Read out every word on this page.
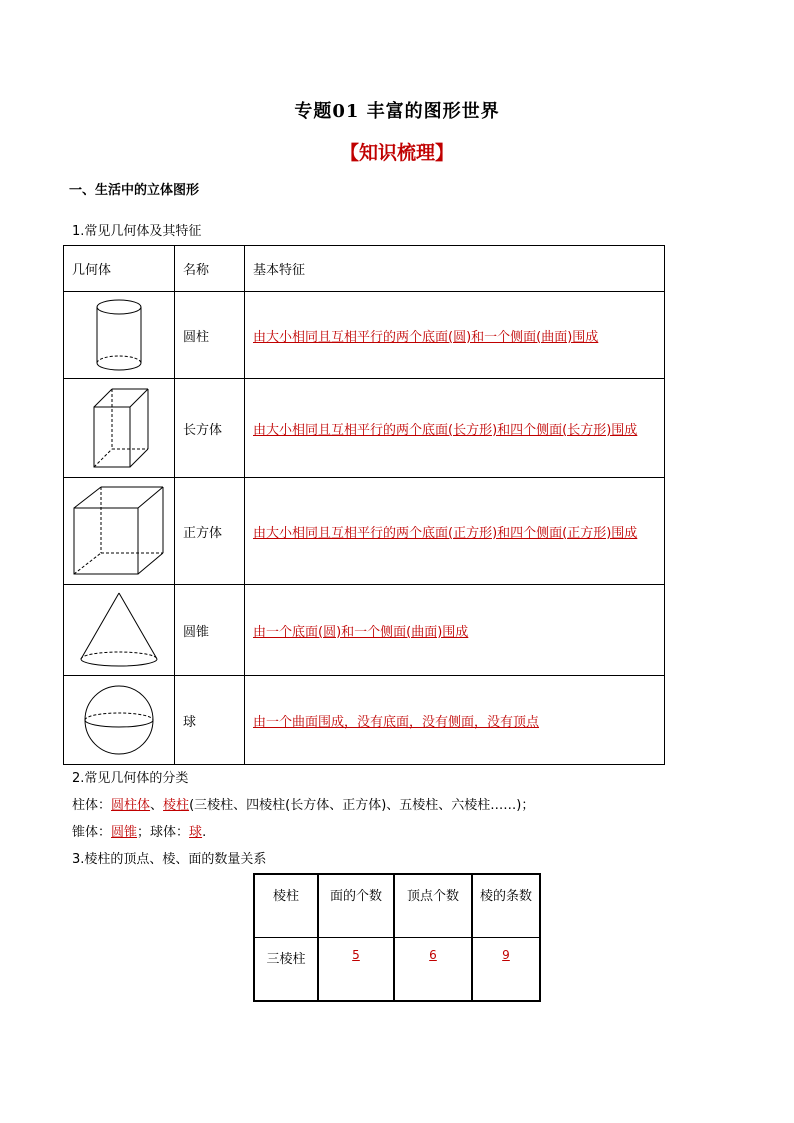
专题01 丰富的图形世界
【知识梳理】
一、生活中的立体图形
1.常见几何体及其特征
几何体	名称	基本特征

	圆柱	由大小相同且互相平行的两个底面(圆)和一个侧面(曲面)围成

	长方体	由大小相同且互相平行的两个底面(长方形)和四个侧面(长方形)围成

	正方体	由大小相同且互相平行的两个底面(正方形)和四个侧面(正方形)围成

	圆锥	由一个底面(圆)和一个侧面(曲面)围成

	球	由一个曲面围成，没有底面，没有侧面，没有顶点
2.常见几何体的分类
柱体：圆柱体、棱柱(三棱柱、四棱柱(长方体、正方体)、五棱柱、六棱柱……)；
锥体：圆锥；球体：球.
3.棱柱的顶点、棱、面的数量关系
棱柱	面的个数	顶点个数	棱的条数
三棱柱	5	6	9
